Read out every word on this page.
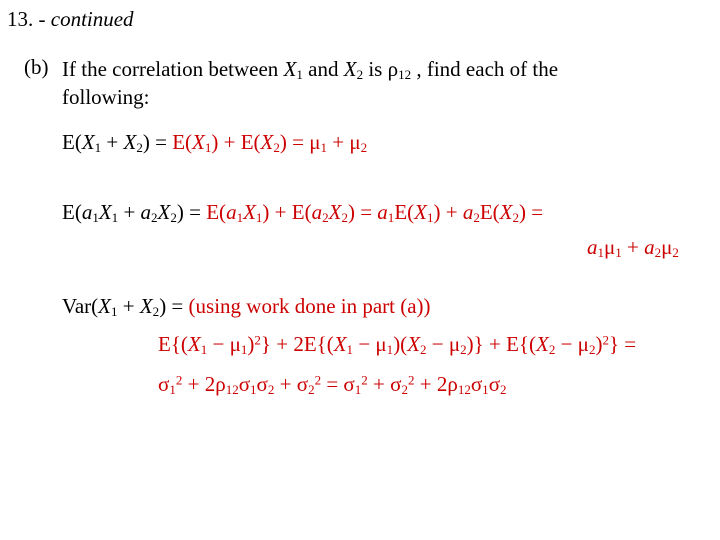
13. - continued
(b) If the correlation between $X_1$ and $X_2$ is $\rho_{12}$ , find each of the
following:
$E(X_1 + X_2) = E(X_1) + E(X_2) = \mu_1 + \mu_2$
$E(a_1X_1 + a_2X_2) = E(a_1X_1) + E(a_2X_2) = a_1E(X_1) + a_2E(X_2)$ =
$a_1\mu_1 + a_2\mu_2$
$Var(X_1 + X_2) = (using$ work done in part (a))
$E\{(X_1 - \mu_1)^2\} + 2E\{(X_1 - \mu_1)(X_2 - \mu_2)\} + E\{(X_2 - \mu_2)^2\}$ =
$\sigma_1^2 + 2\rho_{12}\sigma_1\sigma_2 + \sigma_2^2 = \sigma_1^2 + \sigma_2^2 + 2\rho_{12}\sigma_1\sigma_2$
